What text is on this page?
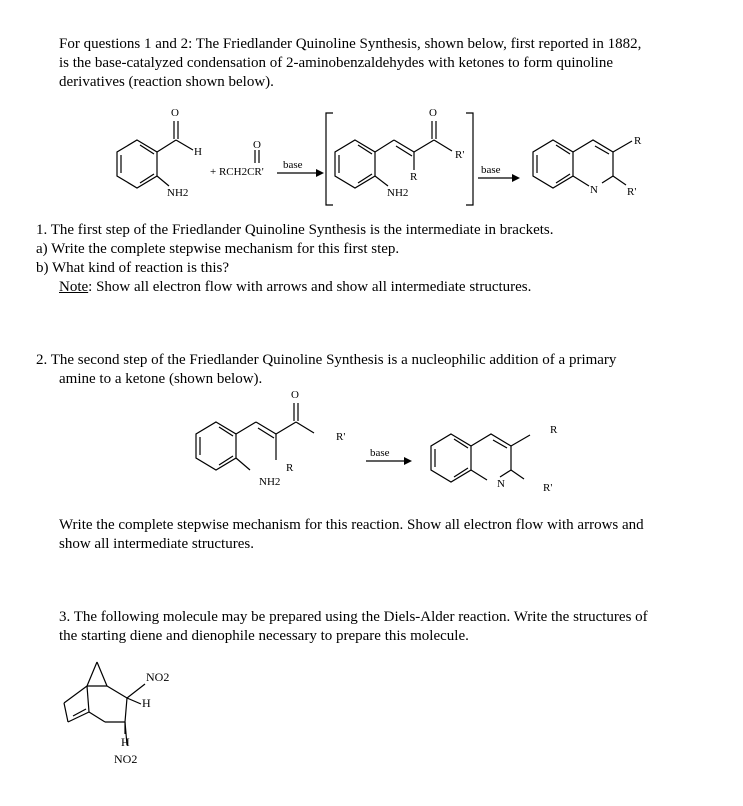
For questions 1 and 2: The Friedlander Quinoline Synthesis, shown below, first reported in 1882,
is the base-catalyzed condensation of 2-aminobenzaldehydes with ketones to form quinoline
derivatives (reaction shown below).
O
H
NH2
O
+ RCH2CR'
base
O
R'
R
NH2
base
R
N	R'
1. The first step of the Friedlander Quinoline Synthesis is the intermediate in brackets.
a) Write the complete stepwise mechanism for this first step.
b) What kind of reaction is this?
Note: Show all electron flow with arrows and show all intermediate structures.
2. The second step of the Friedlander Quinoline Synthesis is a nucleophilic addition of a primary
amine to a ketone (shown below).
O
R'
R
NH2
base
R
N	R'
Write the complete stepwise mechanism for this reaction. Show all electron flow with arrows and
show all intermediate structures.
3. The following molecule may be prepared using the Diels-Alder reaction. Write the structures of
the starting diene and dienophile necessary to prepare this molecule.
NO2
H
H
NO2
